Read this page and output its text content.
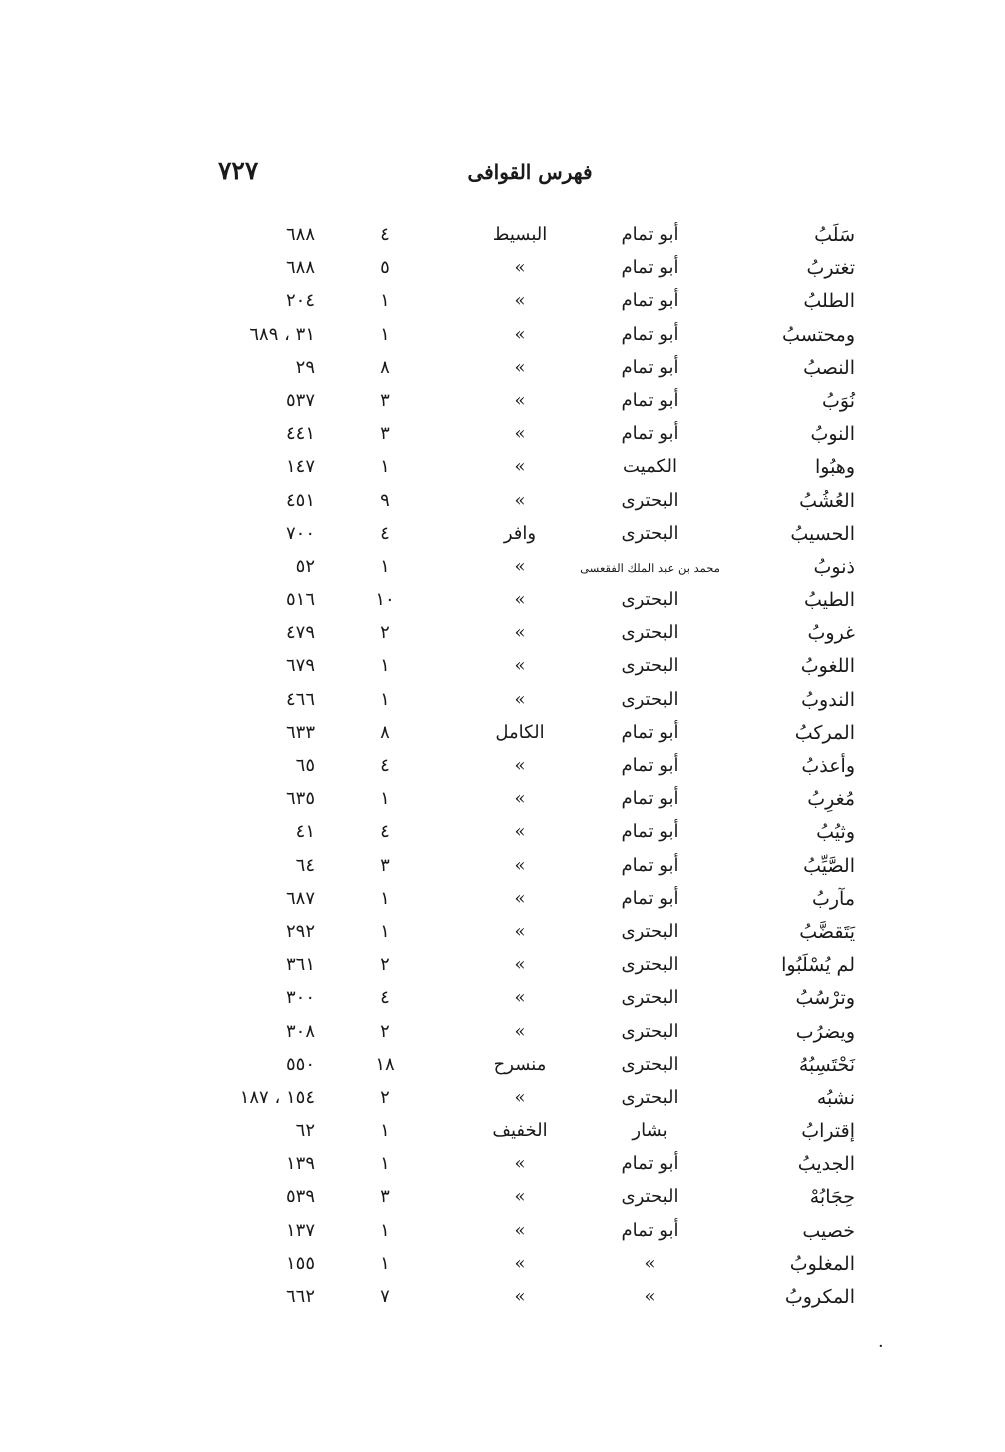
٧٢٧	فهرس القوافى
سَلَبُ
أبو تمام
البسيط
٤
٦٨٨
تغتربُ
أبو تمام
»
٥
٦٨٨
الطلبُ
أبو تمام
»
١
٢٠٤
ومحتسبُ
أبو تمام
»
١
٣١ ، ٦٨٩
النصبُ
أبو تمام
»
٨
٢٩
نُوَبُ
أبو تمام
»
٣
٥٣٧
النوبُ
أبو تمام
»
٣
٤٤١
وهبُوا
الكميت
»
١
١٤٧
العُشُبُ
البحترى
»
٩
٤٥١
الحسيبُ
البحترى
وافر
٤
٧٠٠
ذنوبُ
محمد بن عبد الملك الفقعسى
»
١
٥٢
الطيبُ
البحترى
»
١٠
٥١٦
غروبُ
البحترى
»
٢
٤٧٩
اللغوبُ
البحترى
»
١
٦٧٩
الندوبُ
البحترى
»
١
٤٦٦
المركبُ
أبو تمام
الكامل
٨
٦٣٣
وأعذبُ
أبو تمام
»
٤
٦٥
مُغرِبُ
أبو تمام
»
١
٦٣٥
وثيُبُ
أبو تمام
»
٤
٤١
الصَّيِّبُ
أبو تمام
»
٣
٦٤
مآربُ
أبو تمام
»
١
٦٨٧
يَتَقضَّبُ
البحترى
»
١
٢٩٢
لم يُسْلَبُوا
البحترى
»
٢
٣٦١
وترْسُبُ
البحترى
»
٤
٣٠٠
ويضرُب
البحترى
»
٢
٣٠٨
نَحْتَسِبُهُ
البحترى
منسرح
١٨
٥٥٠
نشبُه
البحترى
»
٢
١٥٤ ، ١٨٧
إقترابُ
بشار
الخفيف
١
٦٢
الجديبُ
أبو تمام
»
١
١٣٩
حِجَابُهْ
البحترى
»
٣
٥٣٩
خصيب
أبو تمام
»
١
١٣٧
المغلوبُ
»
»
١
١٥٥
المكروبُ
»
»
٧
٦٦٢
·
